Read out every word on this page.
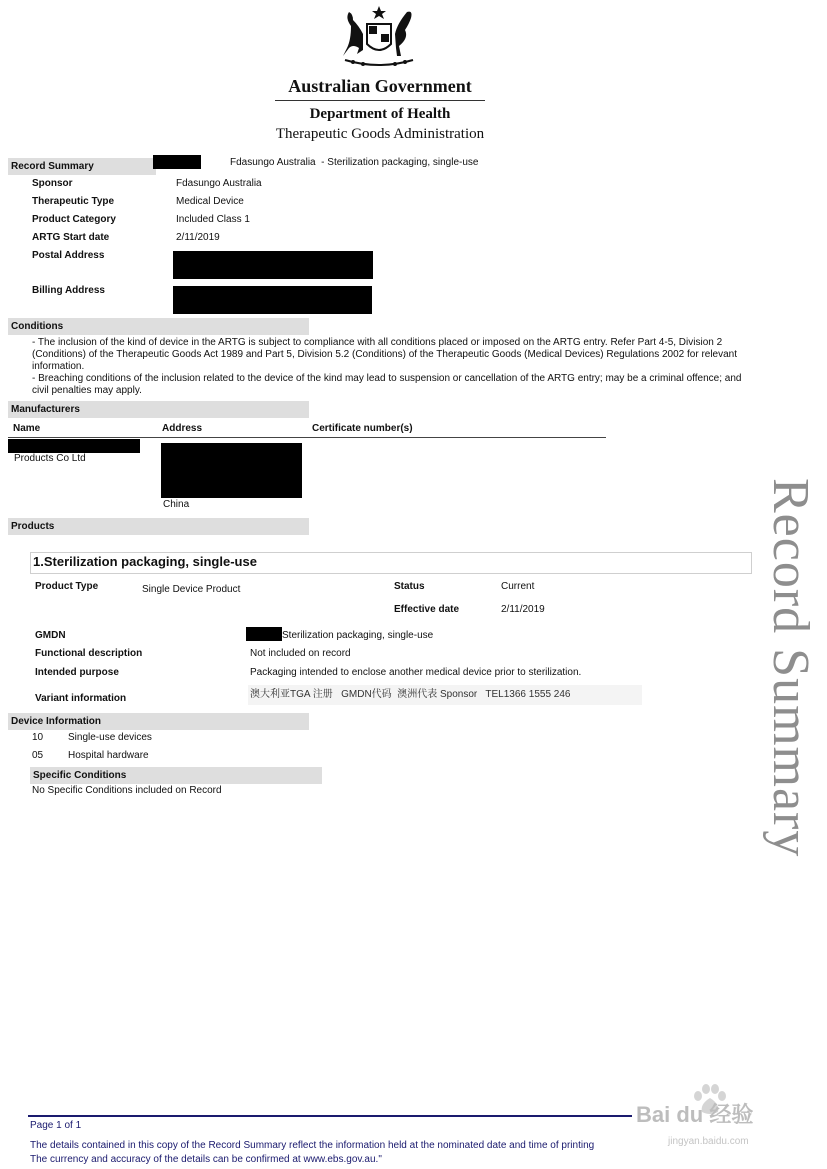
Australian Government
Department of Health
Therapeutic Goods Administration
Record Summary	Fdasungo Australia  - Sterilization packaging, single-use
Sponsor	Fdasungo Australia
Therapeutic Type	Medical Device
Product Category	Included Class 1
ARTG Start date	2/11/2019
Postal Address
Billing Address
Conditions

- The inclusion of the kind of device in the ARTG is subject to compliance with all conditions placed or imposed on the ARTG entry. Refer Part 4-5, Division 2 (Conditions) of the Therapeutic Goods Act 1989 and Part 5, Division 5.2 (Conditions) of the Therapeutic Goods (Medical Devices) Regulations 2002 for relevant information.

- Breaching conditions of the inclusion related to the device of the kind may lead to suspension or cancellation of the ARTG entry; may be a criminal offence; and civil penalties may apply.

Manufacturers
Name	Address	Certificate number(s)
Products Co Ltd
China
Products
1.Sterilization packaging, single-use
Product Type	Single Device Product	Status	Current
Effective date	2/11/2019
GMDN	Sterilization packaging, single-use
Functional description	Not included on record
Intended purpose	Packaging intended to enclose another medical device prior to sterilization.
Variant information	澳大利亚TGA 注册   GMDN代码  澳洲代表 Sponsor   TEL1366 1555 246
Device Information
10 Single-use devices
05 Hospital hardware
Specific Conditions
No Specific Conditions included on Record	Record Summary
Page 1 of 1
The details contained in this copy of the Record Summary reflect the information held at the nominated date and time of printing
The currency and accuracy of the details can be confirmed at www.ebs.gov.au."
Bai du 经验
jingyan.baidu.com
